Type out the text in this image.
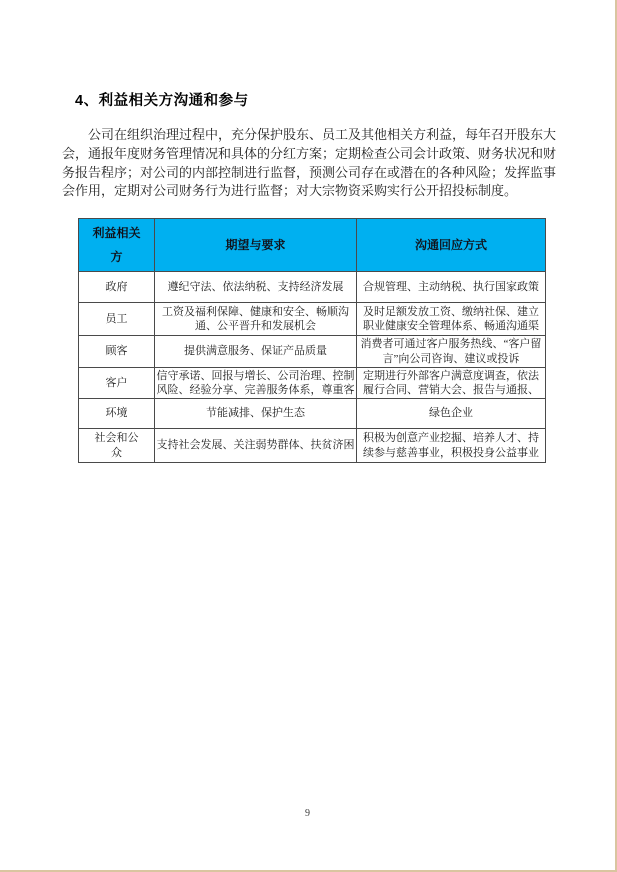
4、利益相关方沟通和参与

公司在组织治理过程中，充分保护股东、员工及其他相关方利益，每年召开股东大会，通报年度财务管理情况和具体的分红方案；定期检查公司会计政策、财务状况和财务报告程序；对公司的内部控制进行监督，预测公司存在或潜在的各种风险；发挥监事会作用，定期对公司财务行为进行监督；对大宗物资采购实行公开招投标制度。

利益相关方	期望与要求	沟通回应方式
政府	遵纪守法、依法纳税、支持经济发展	合规管理、主动纳税、执行国家政策
员工	工资及福利保障、健康和安全、畅顺沟通、公平晋升和发展机会	及时足额发放工资、缴纳社保、建立职业健康安全管理体系、畅通沟通渠
顾客	提供满意服务、保证产品质量	消费者可通过客户服务热线、“客户留言”向公司咨询、建议或投诉
客户	信守承诺、回报与增长、公司治理、控制风险、经验分享、完善服务体系，尊重客	定期进行外部客户满意度调查，依法履行合同、营销大会、报告与通报、
环境	节能减排、保护生态	绿色企业
社会和公众	支持社会发展、关注弱势群体、扶贫济困	积极为创意产业挖掘、培养人才、持续参与慈善事业，积极投身公益事业
9
